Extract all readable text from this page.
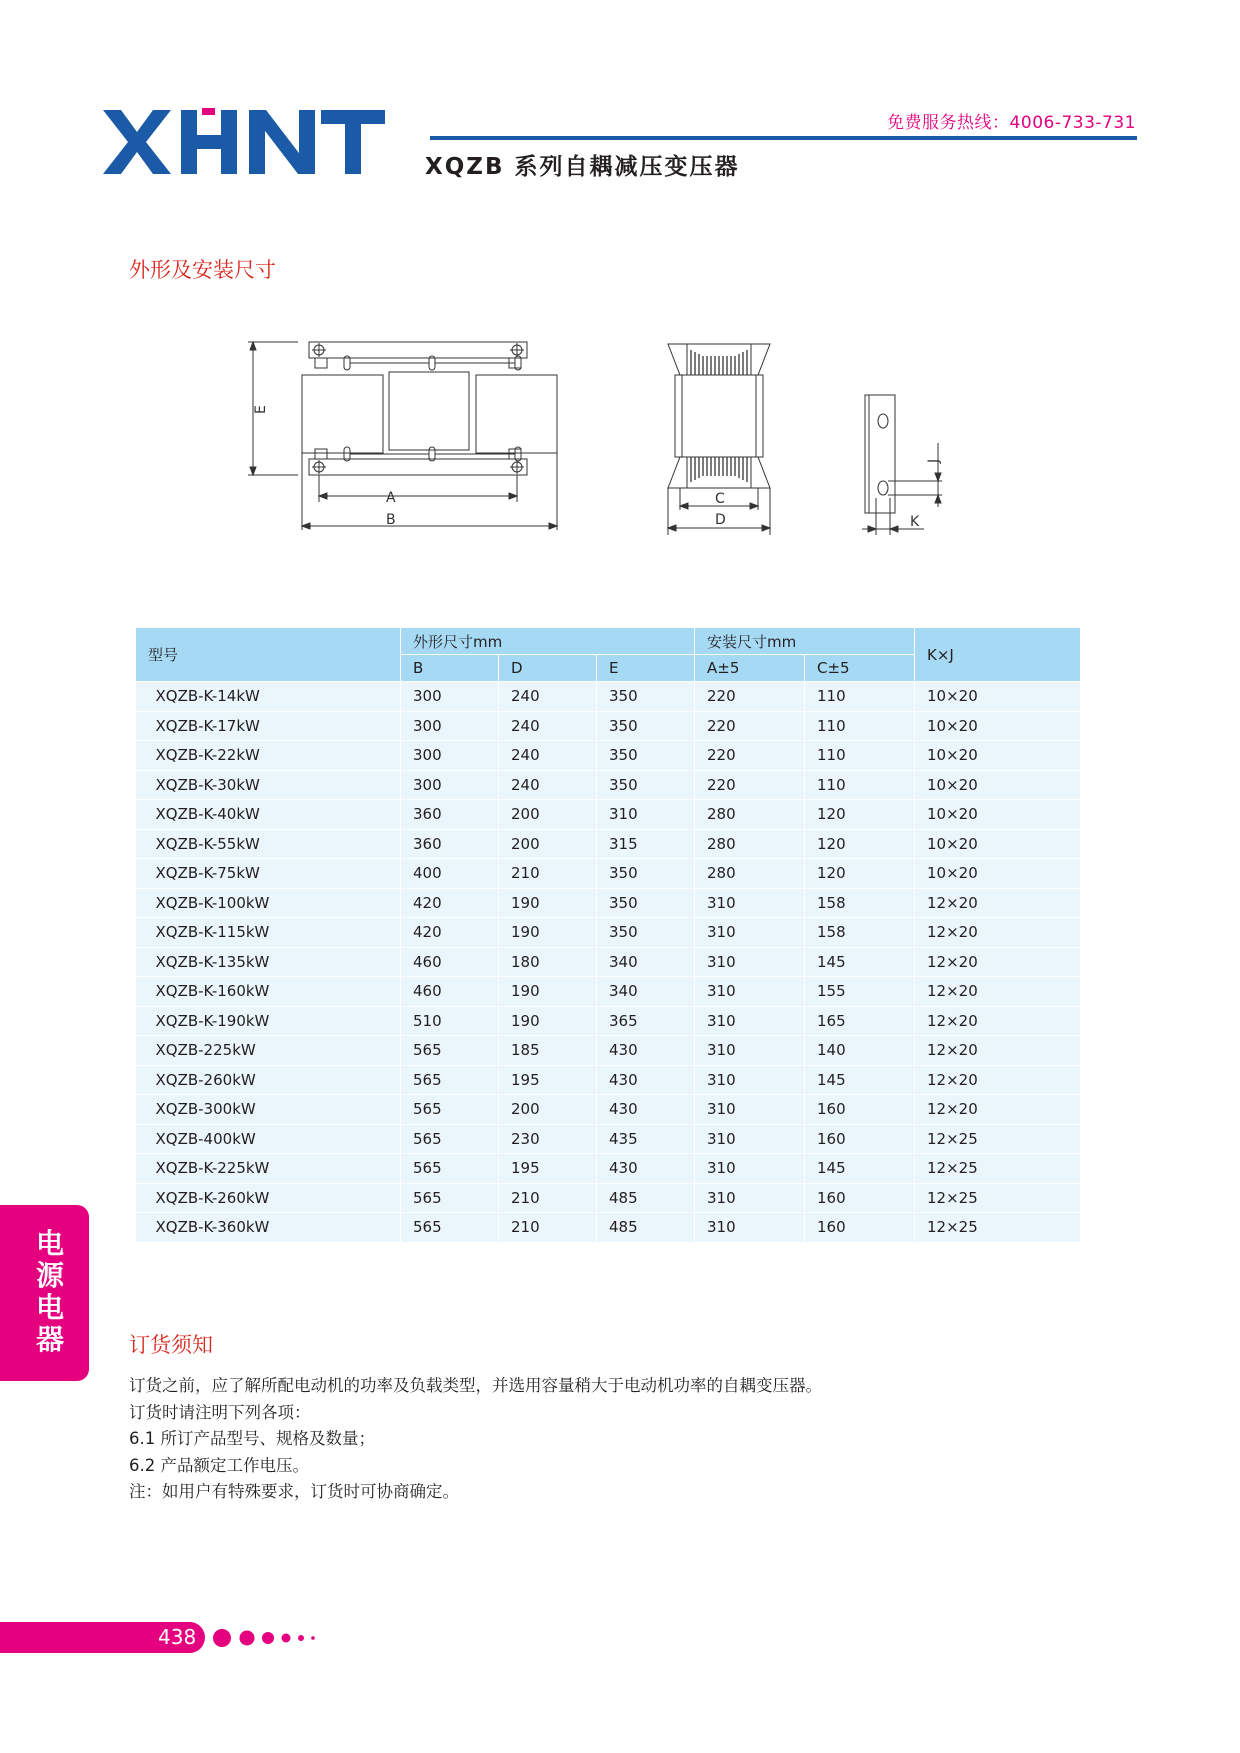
免费服务热线：4006-733-731
XQZB 系列自耦减压变压器
外形及安装尺寸
A
B
C
D
E
J
K
型号	外形尺寸mm			安装尺寸mm		K×J
	B	D	E	A±5	C±5	
XQZB-K-14kW	300	240	350	220	110	10×20
XQZB-K-17kW	300	240	350	220	110	10×20
XQZB-K-22kW	300	240	350	220	110	10×20
XQZB-K-30kW	300	240	350	220	110	10×20
XQZB-K-40kW	360	200	310	280	120	10×20
XQZB-K-55kW	360	200	315	280	120	10×20
XQZB-K-75kW	400	210	350	280	120	10×20
XQZB-K-100kW	420	190	350	310	158	12×20
XQZB-K-115kW	420	190	350	310	158	12×20
XQZB-K-135kW	460	180	340	310	145	12×20
XQZB-K-160kW	460	190	340	310	155	12×20
XQZB-K-190kW	510	190	365	310	165	12×20
XQZB-225kW	565	185	430	310	140	12×20
XQZB-260kW	565	195	430	310	145	12×20
XQZB-300kW	565	200	430	310	160	12×20
XQZB-400kW	565	230	435	310	160	12×25
XQZB-K-225kW	565	195	430	310	145	12×25
XQZB-K-260kW	565	210	485	310	160	12×25
XQZB-K-360kW	565	210	485	310	160	12×25
电
源
电
器	订货须知

订货之前，应了解所配电动机的功率及负载类型，并选用容量稍大于电动机功率的自耦变压器。

订货时请注明下列各项：

6.1 所订产品型号、规格及数量；

6.2 产品额定工作电压。

注：如用户有特殊要求，订货时可协商确定。

438
